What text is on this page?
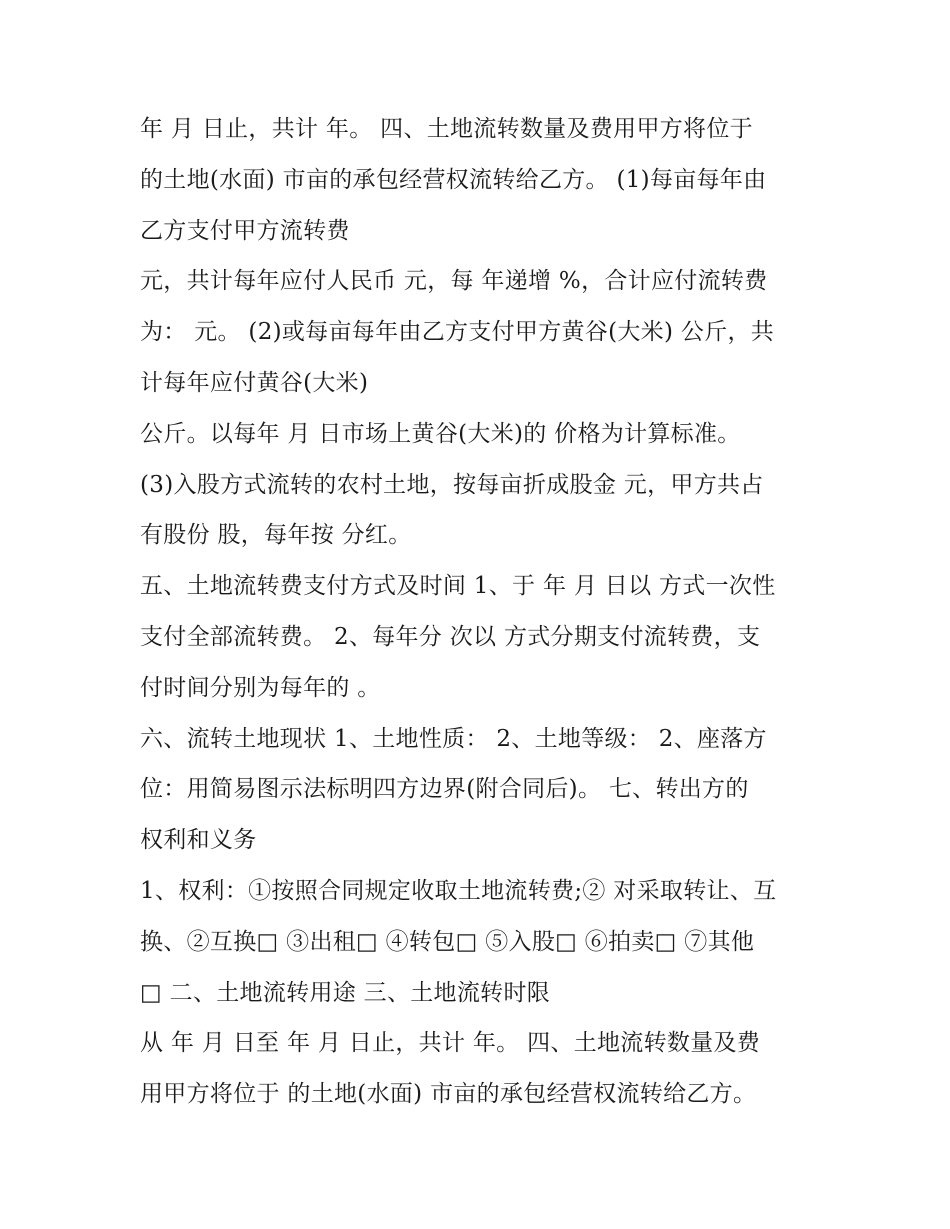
年 月 日止，共计 年。 四、土地流转数量及费用甲方将位于
的土地(水面) 市亩的承包经营权流转给乙方。 (1)每亩每年由
乙方支付甲方流转费
元，共计每年应付人民币 元，每 年递增 %，合计应付流转费
为： 元。 (2)或每亩每年由乙方支付甲方黄谷(大米) 公斤，共
计每年应付黄谷(大米)
公斤。以每年 月 日市场上黄谷(大米)的 价格为计算标准。
(3)入股方式流转的农村土地，按每亩折成股金 元，甲方共占
有股份 股，每年按 分红。
五、土地流转费支付方式及时间 1、于 年 月 日以 方式一次性
支付全部流转费。 2、每年分 次以 方式分期支付流转费，支
付时间分别为每年的 。
六、流转土地现状 1、土地性质： 2、土地等级： 2、座落方
位：用简易图示法标明四方边界(附合同后)。 七、转出方的
权利和义务
1、权利：①按照合同规定收取土地流转费;② 对采取转让、互
换、②互换□ ③出租□ ④转包□ ⑤入股□ ⑥拍卖□ ⑦其他
□ 二、土地流转用途 三、土地流转时限
从 年 月 日至 年 月 日止，共计 年。 四、土地流转数量及费
用甲方将位于 的土地(水面) 市亩的承包经营权流转给乙方。
